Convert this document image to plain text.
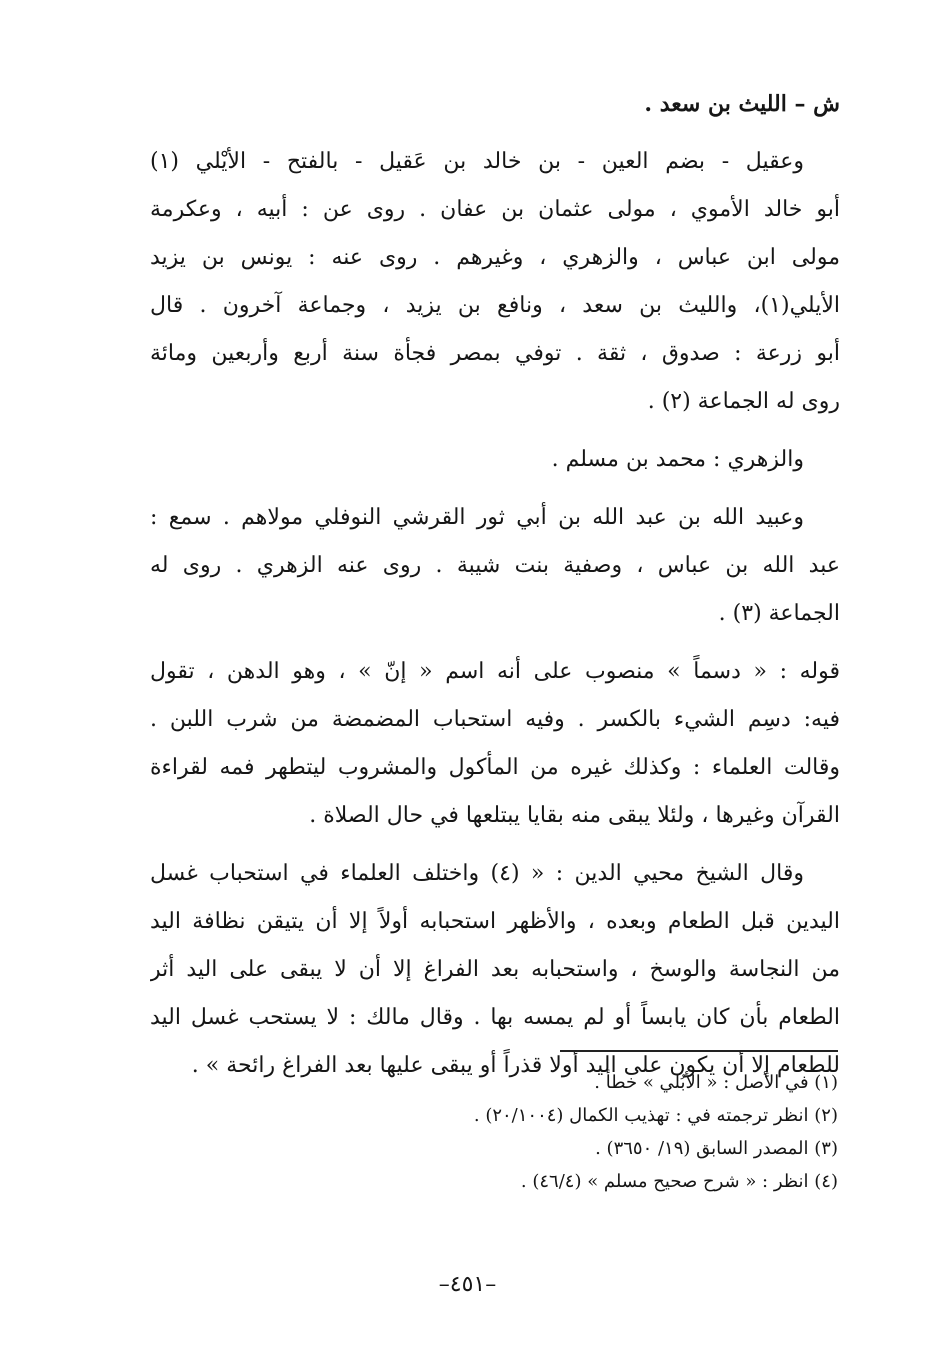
ش – الليث بن سعد .
وعقيل - بضم العين - بن خالد بن عَقيل - بالفتح - الأيْلي (١)
أبو خالد الأموي ، مولى عثمان بن عفان . روى عن : أبيه ، وعكرمة
مولى ابن عباس ، والزهري ، وغيرهم . روى عنه : يونس بن يزيد
الأيلي(١)، والليث بن سعد ، ونافع بن يزيد ، وجماعة آخرون . قال
أبو زرعة : صدوق ، ثقة . توفي بمصر فجأة سنة أربع وأربعين ومائة
روى له الجماعة (٢) .
والزهري : محمد بن مسلم .
وعبيد الله بن عبد الله بن أبي ثور القرشي النوفلي مولاهم . سمع :
عبد الله بن عباس ، وصفية بنت شيبة . روى عنه الزهري . روى له
الجماعة (٣) .
قوله : « دسماً » منصوب على أنه اسم « إنّ » ، وهو الدهن ، تقول
فيه: دسِم الشيء بالكسر . وفيه استحباب المضمضة من شرب اللبن .
وقالت العلماء : وكذلك غيره من المأكول والمشروب ليتطهر فمه لقراءة
القرآن وغيرها ، ولئلا يبقى منه بقايا يبتلعها في حال الصلاة .
وقال الشيخ محيي الدين : « (٤) واختلف العلماء في استحباب غسل
اليدين قبل الطعام وبعده ، والأظهر استحبابه أولاً إلا أن يتيقن نظافة اليد
من النجاسة والوسخ ، واستحبابه بعد الفراغ إلا أن لا يبقى على اليد أثر
الطعام بأن كان يابساً أو لم يمسه بها . وقال مالك : لا يستحب غسل اليد
للطعام إلا أن يكون على اليد أولا قذراً أو يبقى عليها بعد الفراغ رائحة » .
(١) في الأصل : « الأبُلي » خطأ .
(٢) انظر ترجمته في : تهذيب الكمال (٢٠/١٠٠٤) .
(٣) المصدر السابق (١٩/ ٣٦٥٠) .
(٤) انظر : « شرح صحيح مسلم » (٤٦/٤) .
–٤٥١–
